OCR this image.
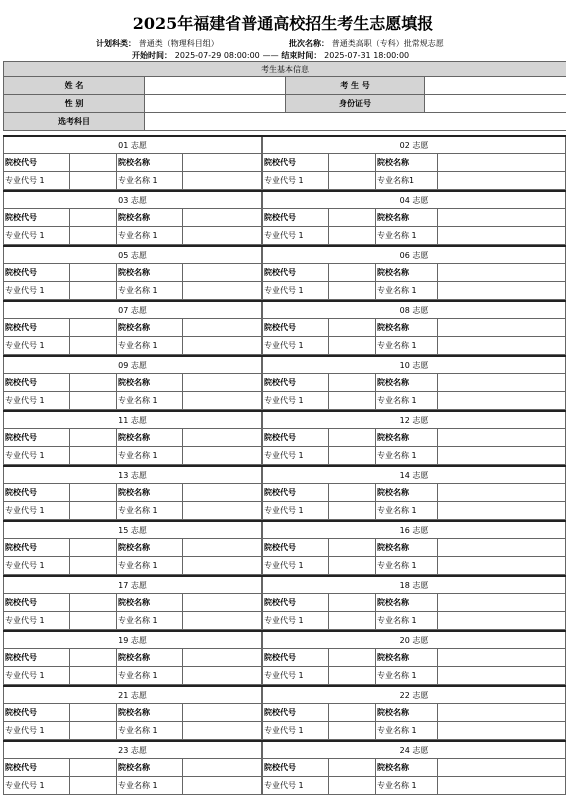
2025年福建省普通高校招生考生志愿填报
计划科类： 普通类（物理科目组）	批次名称： 普通类高职（专科）批常规志愿
开始时间： 2025-07-29 08:00:00 —— 结束时间： 2025-07-31 18:00:00
考生基本信息			
姓 名		考 生 号	
性 别		身份证号	
选考科目			
01 志愿
院校代号	院校名称
专业代号 1	专业名称 1
02 志愿
院校代号	院校名称
专业代号 1	专业名称1
03 志愿
院校代号	院校名称
专业代号 1	专业名称 1
04 志愿
院校代号	院校名称
专业代号 1	专业名称 1
05 志愿
院校代号	院校名称
专业代号 1	专业名称 1
06 志愿
院校代号	院校名称
专业代号 1	专业名称 1
07 志愿
院校代号	院校名称
专业代号 1	专业名称 1
08 志愿
院校代号	院校名称
专业代号 1	专业名称 1
09 志愿
院校代号	院校名称
专业代号 1	专业名称 1
10 志愿
院校代号	院校名称
专业代号 1	专业名称 1
11 志愿
院校代号	院校名称
专业代号 1	专业名称 1
12 志愿
院校代号	院校名称
专业代号 1	专业名称 1
13 志愿
院校代号	院校名称
专业代号 1	专业名称 1
14 志愿
院校代号	院校名称
专业代号 1	专业名称 1
15 志愿
院校代号	院校名称
专业代号 1	专业名称 1
16 志愿
院校代号	院校名称
专业代号 1	专业名称 1
17 志愿
院校代号	院校名称
专业代号 1	专业名称 1
18 志愿
院校代号	院校名称
专业代号 1	专业名称 1
19 志愿
院校代号	院校名称
专业代号 1	专业名称 1
20 志愿
院校代号	院校名称
专业代号 1	专业名称 1
21 志愿
院校代号	院校名称
专业代号 1	专业名称 1
22 志愿
院校代号	院校名称
专业代号 1	专业名称 1
23 志愿
院校代号	院校名称
专业代号 1	专业名称 1
24 志愿
院校代号	院校名称
专业代号 1	专业名称 1
